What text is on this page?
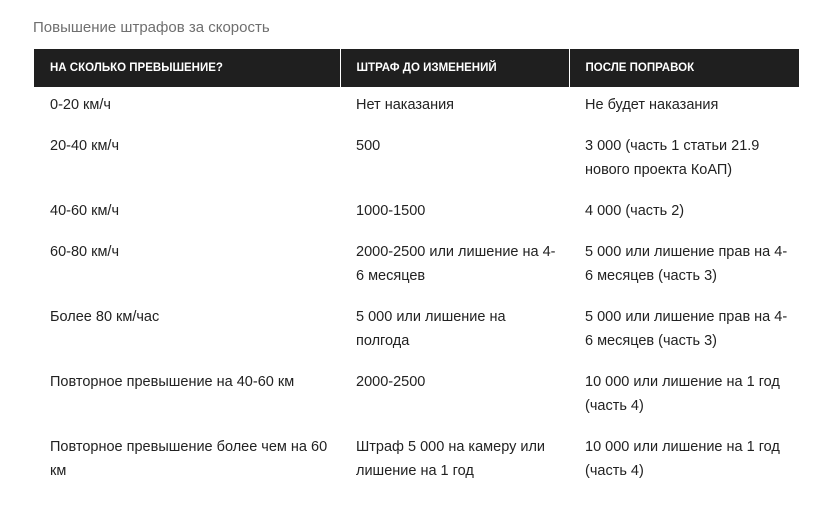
Повышение штрафов за скорость
НА СКОЛЬКО ПРЕВЫШЕНИЕ?	ШТРАФ ДО ИЗМЕНЕНИЙ	ПОСЛЕ ПОПРАВОК
0-20 км/ч	Нет наказания	Не будет наказания
20-40 км/ч	500	3 000 (часть 1 статьи 21.9 нового проекта КоАП)
40-60 км/ч	1000-1500	4 000 (часть 2)
60-80 км/ч	2000-2500 или лишение на 4-6 месяцев	5 000 или лишение прав на 4-6 месяцев (часть 3)
Более 80 км/час	5 000 или лишение на полгода	5 000 или лишение прав на 4-6 месяцев (часть 3)
Повторное превышение на 40-60 км	2000-2500	10 000 или лишение на 1 год (часть 4)
Повторное превышение более чем на 60 км	Штраф 5 000 на камеру или лишение на 1 год	10 000 или лишение на 1 год (часть 4)
